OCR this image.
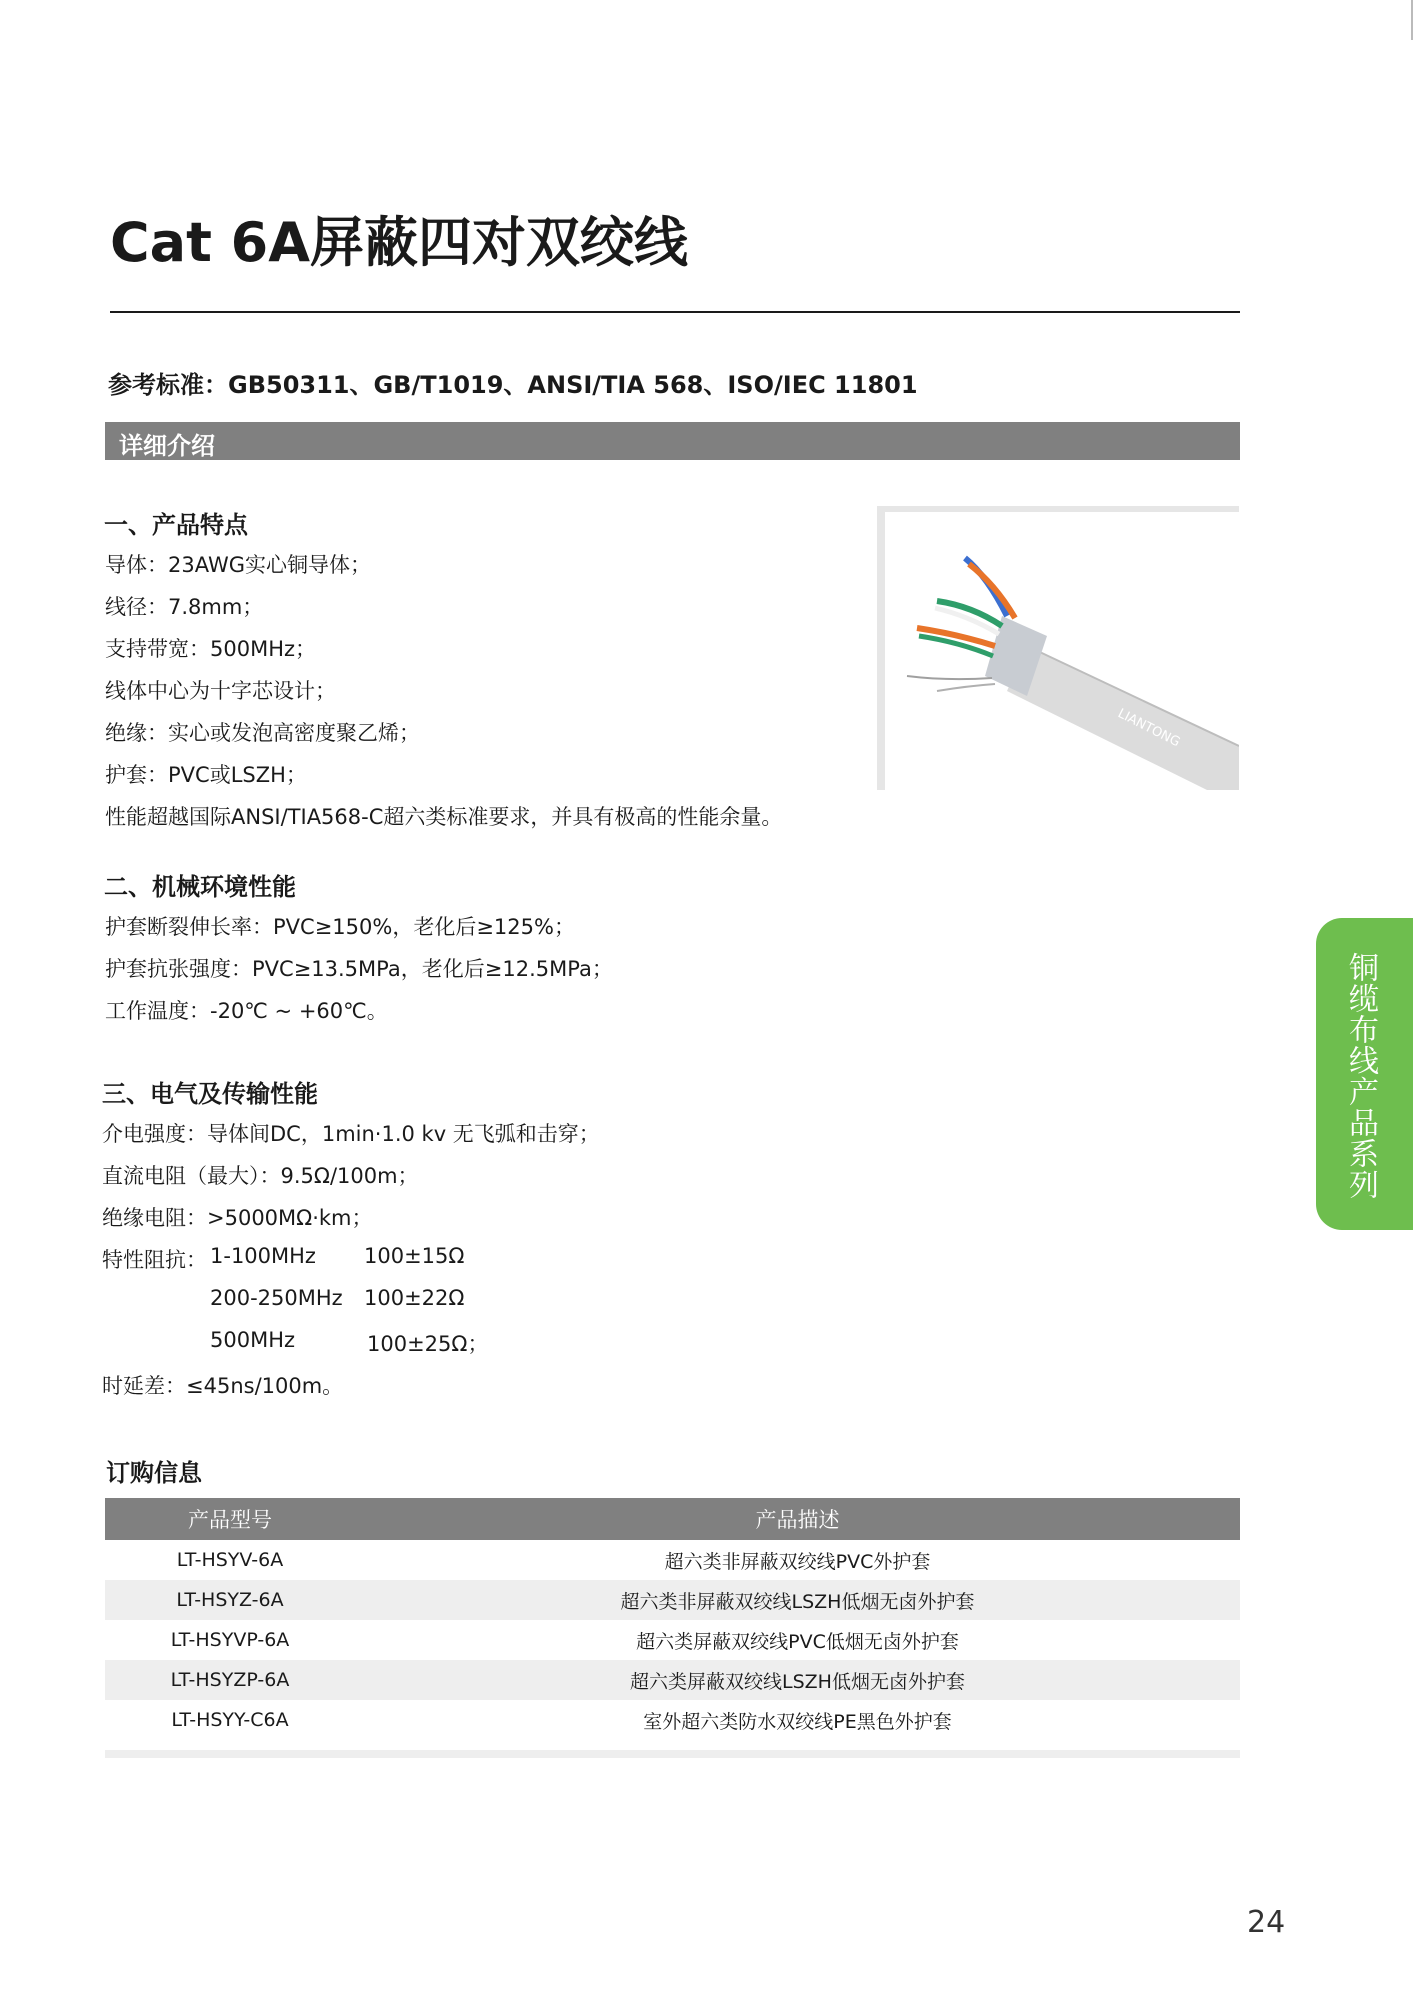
Cat 6A屏蔽四对双绞线
参考标准：GB50311、GB/T1019、ANSI/TIA 568、ISO/IEC 11801
详细介绍
一、产品特点
导体：23AWG实心铜导体；
线径：7.8mm；
支持带宽：500MHz；
线体中心为十字芯设计；
绝缘：实心或发泡高密度聚乙烯；
护套：PVC或LSZH；
性能超越国际ANSI/TIA568-C超六类标准要求，并具有极高的性能余量。
LIANTONG
二、机械环境性能
护套断裂伸长率：PVC≥150%，老化后≥125%；
护套抗张强度：PVC≥13.5MPa，老化后≥12.5MPa；
工作温度：-20℃ ~ +60℃。
三、电气及传输性能
介电强度：导体间DC，1min·1.0 kv 无飞弧和击穿；
直流电阻（最大）：9.5Ω/100m；
绝缘电阻：>5000MΩ·km；
特性阻抗： 1-100MHz 100±15Ω
200-250MHz 100±22Ω
500MHz	100±25Ω；
时延差：≤45ns/100m。
铜缆布线产品系列
订购信息
产品型号	产品描述
LT-HSYV-6A	超六类非屏蔽双绞线PVC外护套
LT-HSYZ-6A	超六类非屏蔽双绞线LSZH低烟无卤外护套
LT-HSYVP-6A	超六类屏蔽双绞线PVC低烟无卤外护套
LT-HSYZP-6A	超六类屏蔽双绞线LSZH低烟无卤外护套
LT-HSYY-C6A	室外超六类防水双绞线PE黑色外护套
24
